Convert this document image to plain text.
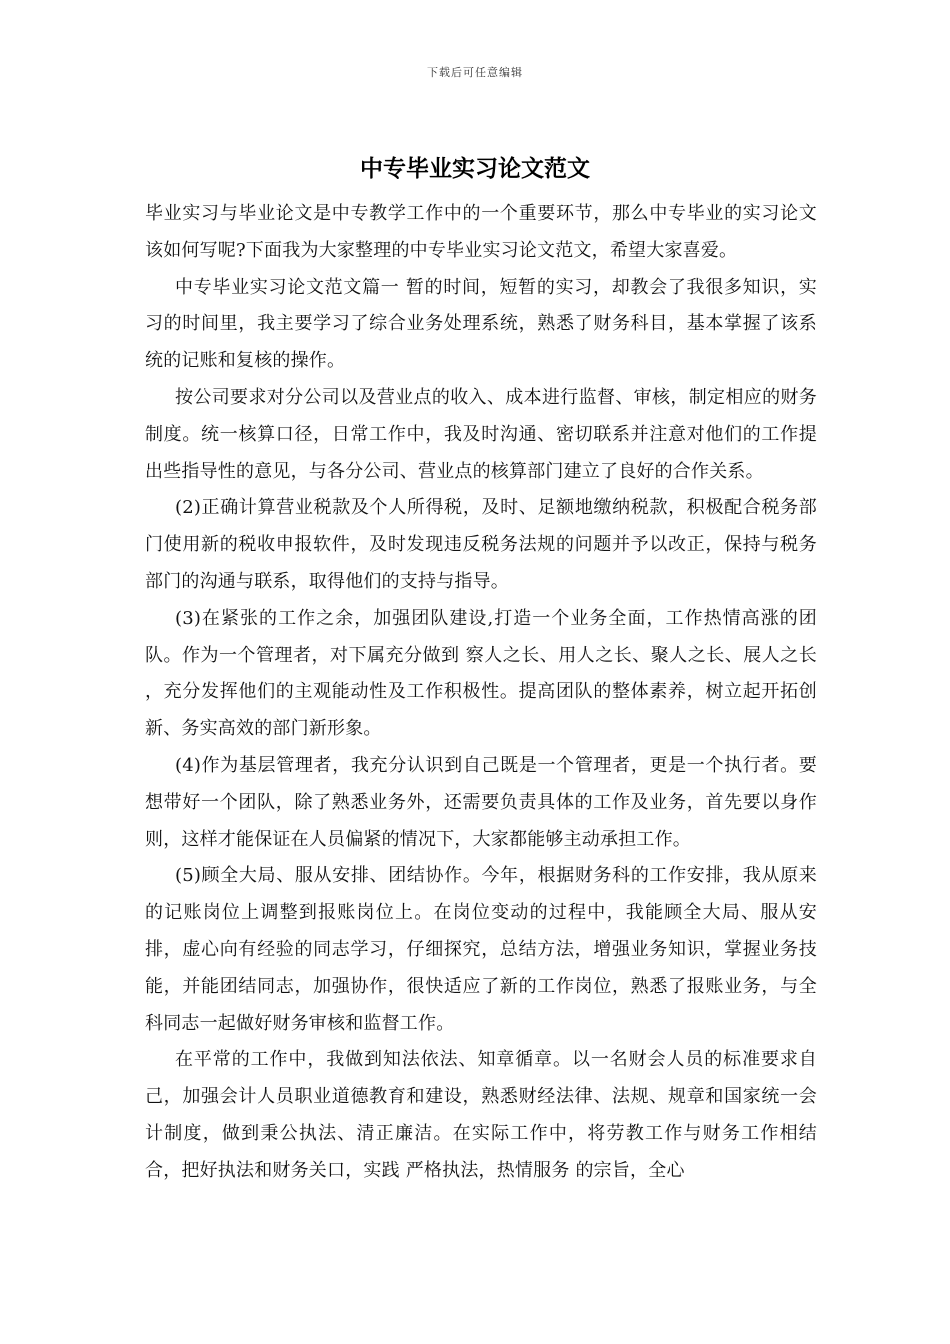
下载后可任意编辑
中专毕业实习论文范文

毕业实习与毕业论文是中专教学工作中的一个重要环节，那么中专毕业的实习论文该如何写呢?下面我为大家整理的中专毕业实习论文范文，希望大家喜爱。

中专毕业实习论文范文篇一 暂的时间，短暂的实习，却教会了我很多知识，实习的时间里，我主要学习了综合业务处理系统，熟悉了财务科目，基本掌握了该系统的记账和复核的操作。

按公司要求对分公司以及营业点的收入、成本进行监督、审核，制定相应的财务制度。统一核算口径，日常工作中，我及时沟通、密切联系并注意对他们的工作提出些指导性的意见，与各分公司、营业点的核算部门建立了良好的合作关系。

(2)正确计算营业税款及个人所得税，及时、足额地缴纳税款，积极配合税务部门使用新的税收申报软件，及时发现违反税务法规的问题并予以改正，保持与税务部门的沟通与联系，取得他们的支持与指导。

(3)在紧张的工作之余，加强团队建设,打造一个业务全面，工作热情高涨的团队。作为一个管理者，对下属充分做到 察人之长、用人之长、聚人之长、展人之长 ，充分发挥他们的主观能动性及工作积极性。提高团队的整体素养，树立起开拓创新、务实高效的部门新形象。

(4)作为基层管理者，我充分认识到自己既是一个管理者，更是一个执行者。要想带好一个团队，除了熟悉业务外，还需要负责具体的工作及业务，首先要以身作则，这样才能保证在人员偏紧的情况下，大家都能够主动承担工作。

(5)顾全大局、服从安排、团结协作。今年，根据财务科的工作安排，我从原来的记账岗位上调整到报账岗位上。在岗位变动的过程中，我能顾全大局、服从安排，虚心向有经验的同志学习，仔细探究，总结方法，增强业务知识，掌握业务技能，并能团结同志，加强协作，很快适应了新的工作岗位，熟悉了报账业务，与全科同志一起做好财务审核和监督工作。

在平常的工作中，我做到知法依法、知章循章。以一名财会人员的标准要求自己，加强会计人员职业道德教育和建设，熟悉财经法律、法规、规章和国家统一会计制度，做到秉公执法、清正廉洁。在实际工作中，将劳教工作与财务工作相结合，把好执法和财务关口，实践 严格执法，热情服务 的宗旨，全心
